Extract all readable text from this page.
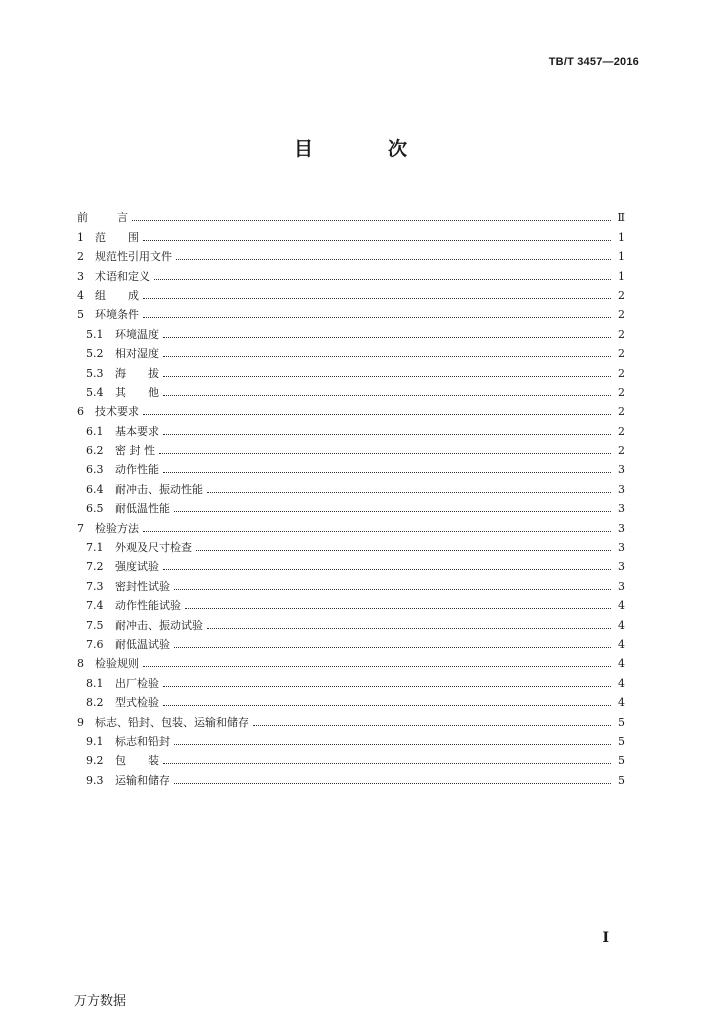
TB/T 3457—2016
目　次
前 　　言	Ⅱ
1	范　　围	1
2	规范性引用文件	1
3	术语和定义	1
4	组　　成	2
5	环境条件	2
5.1	环境温度	2
5.2	相对湿度	2
5.3	海　　拔	2
5.4	其　　他	2
6	技术要求	2
6.1	基本要求	2
6.2	密 封 性	2
6.3	动作性能	3
6.4	耐冲击、振动性能	3
6.5	耐低温性能	3
7	检验方法	3
7.1	外观及尺寸检查	3
7.2	强度试验	3
7.3	密封性试验	3
7.4	动作性能试验	4
7.5	耐冲击、振动试验	4
7.6	耐低温试验	4
8	检验规则	4
8.1	出厂检验	4
8.2	型式检验	4
9	标志、铅封、包装、运输和储存	5
9.1	标志和铅封	5
9.2	包　　装	5
9.3	运输和储存	5
I
万方数据
